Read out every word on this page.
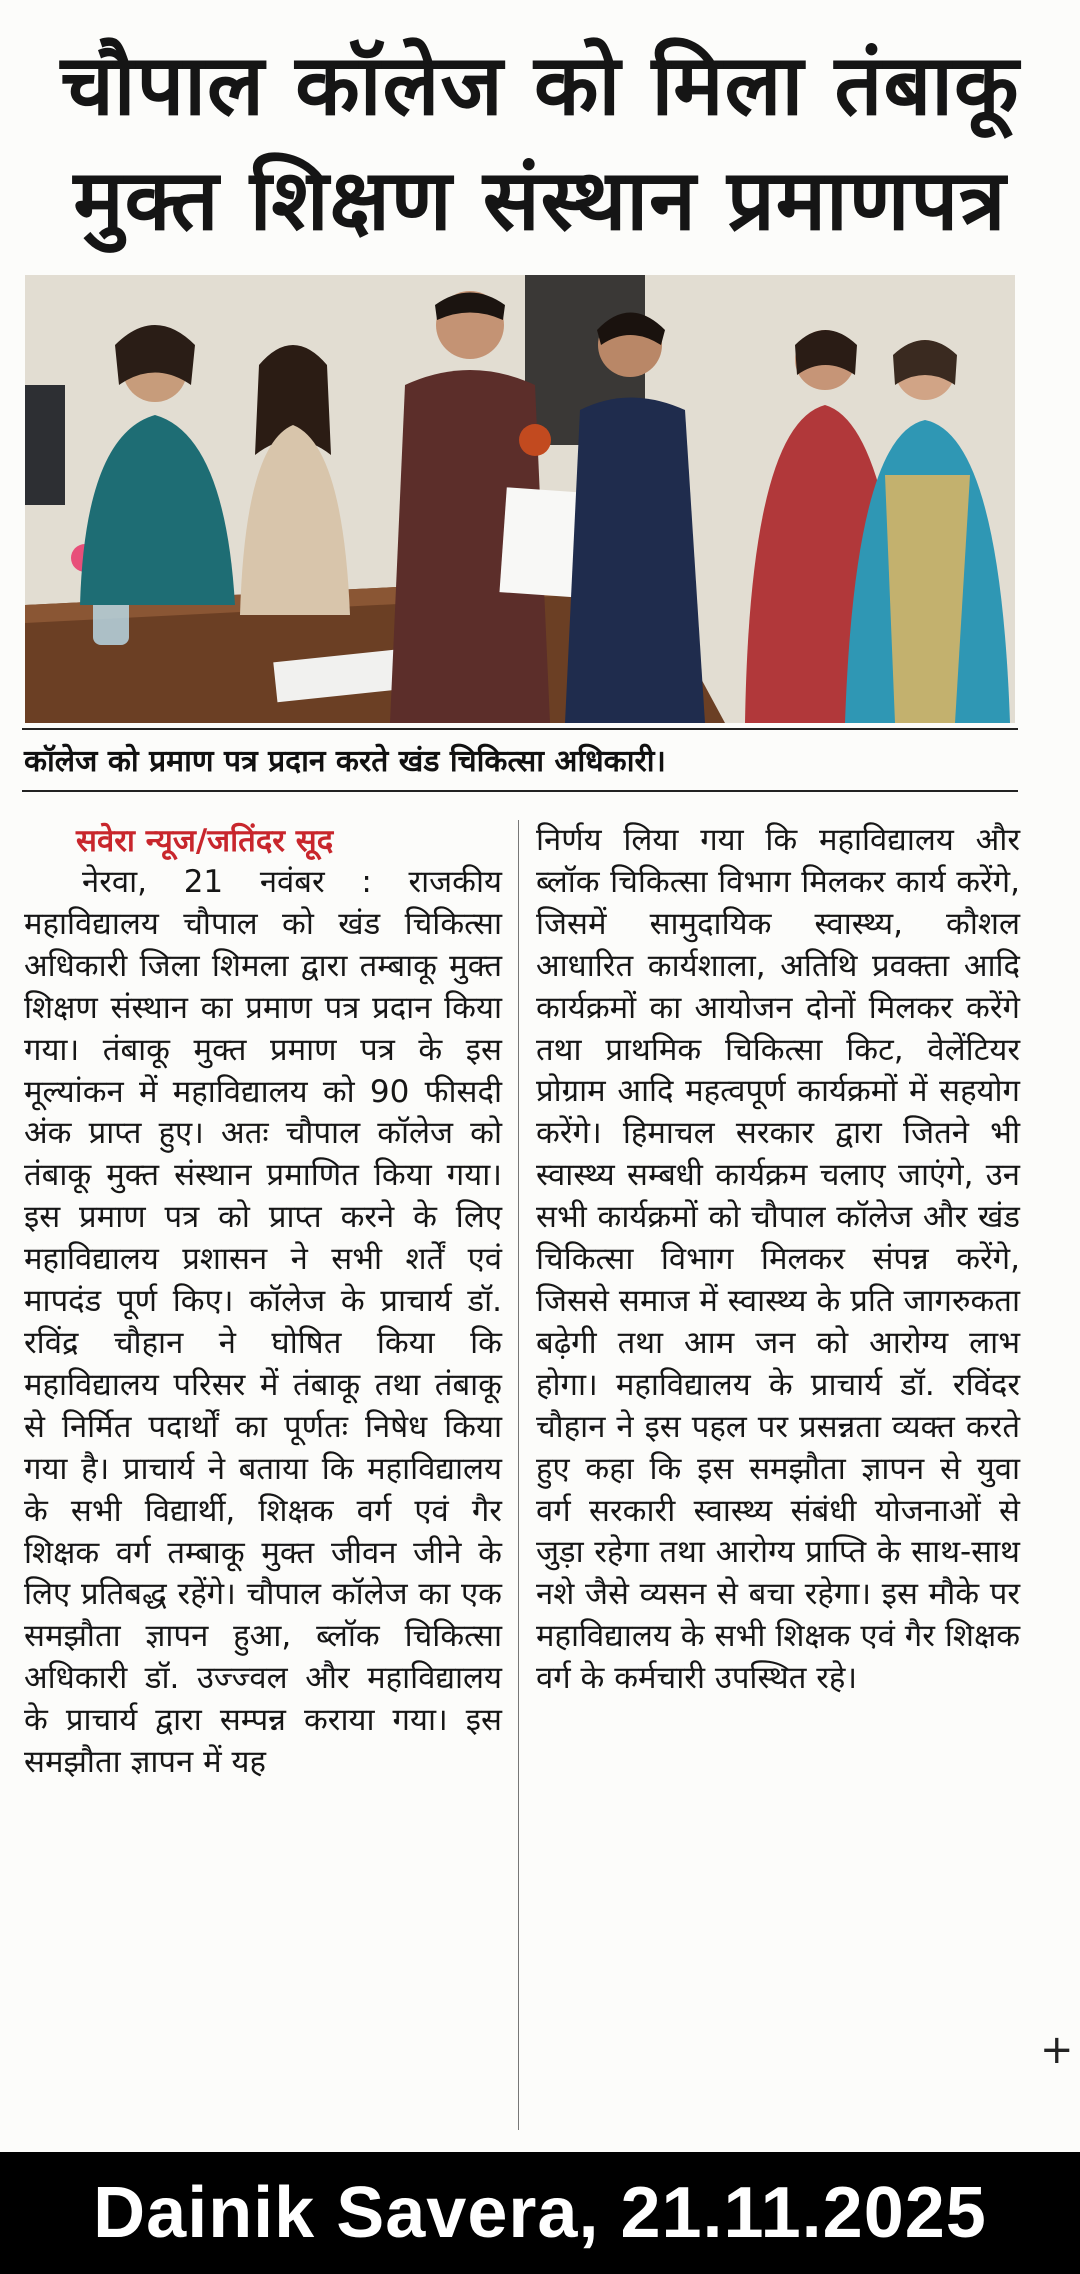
चौपाल कॉलेज को मिला तंबाकू
मुक्त शिक्षण संस्थान प्रमाणपत्र
कॉलेज को प्रमाण पत्र प्रदान करते खंड चिकित्सा अधिकारी।
सवेरा न्यूज/जतिंदर सूद

नेरवा, 21 नवंबर : राजकीय महाविद्यालय चौपाल को खंड चिकित्सा अधिकारी जिला शिमला द्वारा तम्बाकू मुक्त शिक्षण संस्थान का प्रमाण पत्र प्रदान किया गया। तंबाकू मुक्त प्रमाण पत्र के इस मूल्यांकन में महाविद्यालय को 90 फीसदी अंक प्राप्त हुए। अतः चौपाल कॉलेज को तंबाकू मुक्त संस्थान प्रमाणित किया गया। इस प्रमाण पत्र को प्राप्त करने के लिए महाविद्यालय प्रशासन ने सभी शर्तें एवं मापदंड पूर्ण किए। कॉलेज के प्राचार्य डॉ. रविंद्र चौहान ने घोषित किया कि महाविद्यालय परिसर में तंबाकू तथा तंबाकू से निर्मित पदार्थों का पूर्णतः निषेध किया गया है। प्राचार्य ने बताया कि महाविद्यालय के सभी विद्यार्थी, शिक्षक वर्ग एवं गैर शिक्षक वर्ग तम्बाकू मुक्त जीवन जीने के लिए प्रतिबद्ध रहेंगे। चौपाल कॉलेज का एक समझौता ज्ञापन हुआ, ब्लॉक चिकित्सा अधिकारी डॉ. उज्ज्वल और महाविद्यालय के प्राचार्य द्वारा सम्पन्न कराया गया। इस समझौता ज्ञापन में यह

निर्णय लिया गया कि महाविद्यालय और ब्लॉक चिकित्सा विभाग मिलकर कार्य करेंगे, जिसमें सामुदायिक स्वास्थ्य, कौशल आधारित कार्यशाला, अतिथि प्रवक्ता आदि कार्यक्रमों का आयोजन दोनों मिलकर करेंगे तथा प्राथमिक चिकित्सा किट, वेलेंटियर प्रोग्राम आदि महत्वपूर्ण कार्यक्रमों में सहयोग करेंगे। हिमाचल सरकार द्वारा जितने भी स्वास्थ्य सम्बधी कार्यक्रम चलाए जाएंगे, उन सभी कार्यक्रमों को चौपाल कॉलेज और खंड चिकित्सा विभाग मिलकर संपन्न करेंगे, जिससे समाज में स्वास्थ्य के प्रति जागरुकता बढ़ेगी तथा आम जन को आरोग्य लाभ होगा। महाविद्यालय के प्राचार्य डॉ. रविंदर चौहान ने इस पहल पर प्रसन्नता व्यक्त करते हुए कहा कि इस समझौता ज्ञापन से युवा वर्ग सरकारी स्वास्थ्य संबंधी योजनाओं से जुड़ा रहेगा तथा आरोग्य प्राप्ति के साथ-साथ नशे जैसे व्यसन से बचा रहेगा। इस मौके पर महाविद्यालय के सभी शिक्षक एवं गैर शिक्षक वर्ग के कर्मचारी उपस्थित रहे।

+
Dainik Savera, 21.11.2025
